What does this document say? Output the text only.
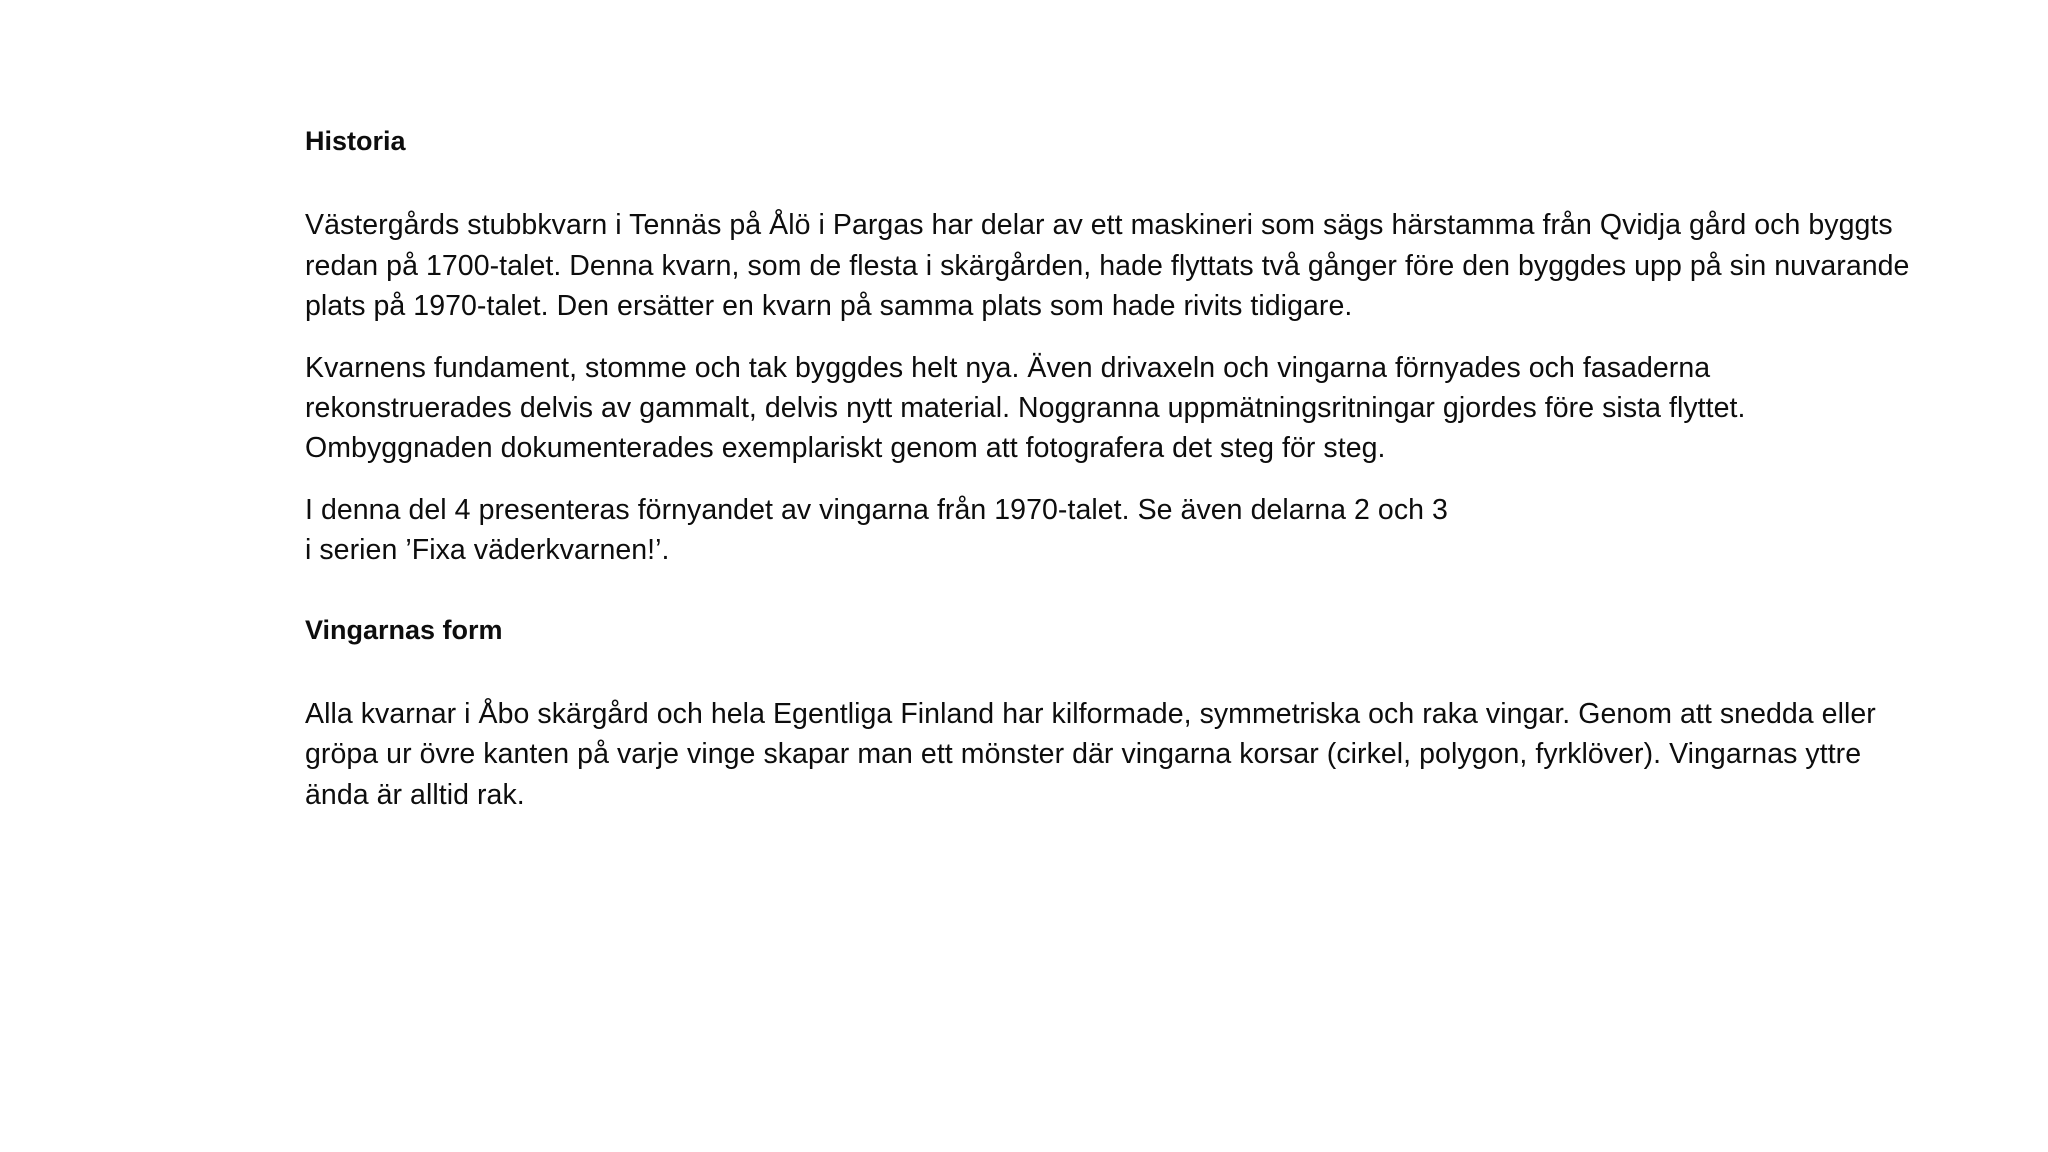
Historia

Västergårds stubbkvarn i Tennäs på Ålö i Pargas har delar av ett maskineri som sägs härstamma från Qvidja gård och byggts redan på 1700-talet. Denna kvarn, som de flesta i skärgården, hade flyttats två gånger före den byggdes upp på sin nuvarande plats på 1970-talet. Den ersätter en kvarn på samma plats som hade rivits tidigare.

Kvarnens fundament, stomme och tak byggdes helt nya. Även drivaxeln och vingarna förnyades och fasaderna rekonstruerades delvis av gammalt, delvis nytt material. Noggranna uppmätningsritningar gjordes före sista flyttet. Ombyggnaden dokumenterades exemplariskt genom att fotografera det steg för steg.

I denna del 4 presenteras förnyandet av vingarna från 1970-talet. Se även delarna 2 och 3
i serien ’Fixa väderkvarnen!’.

Vingarnas form

Alla kvarnar i Åbo skärgård och hela Egentliga Finland har kilformade, symmetriska och raka vingar. Genom att snedda eller gröpa ur övre kanten på varje vinge skapar man ett mönster där vingarna korsar (cirkel, polygon, fyrklöver). Vingarnas yttre ända är alltid rak.
